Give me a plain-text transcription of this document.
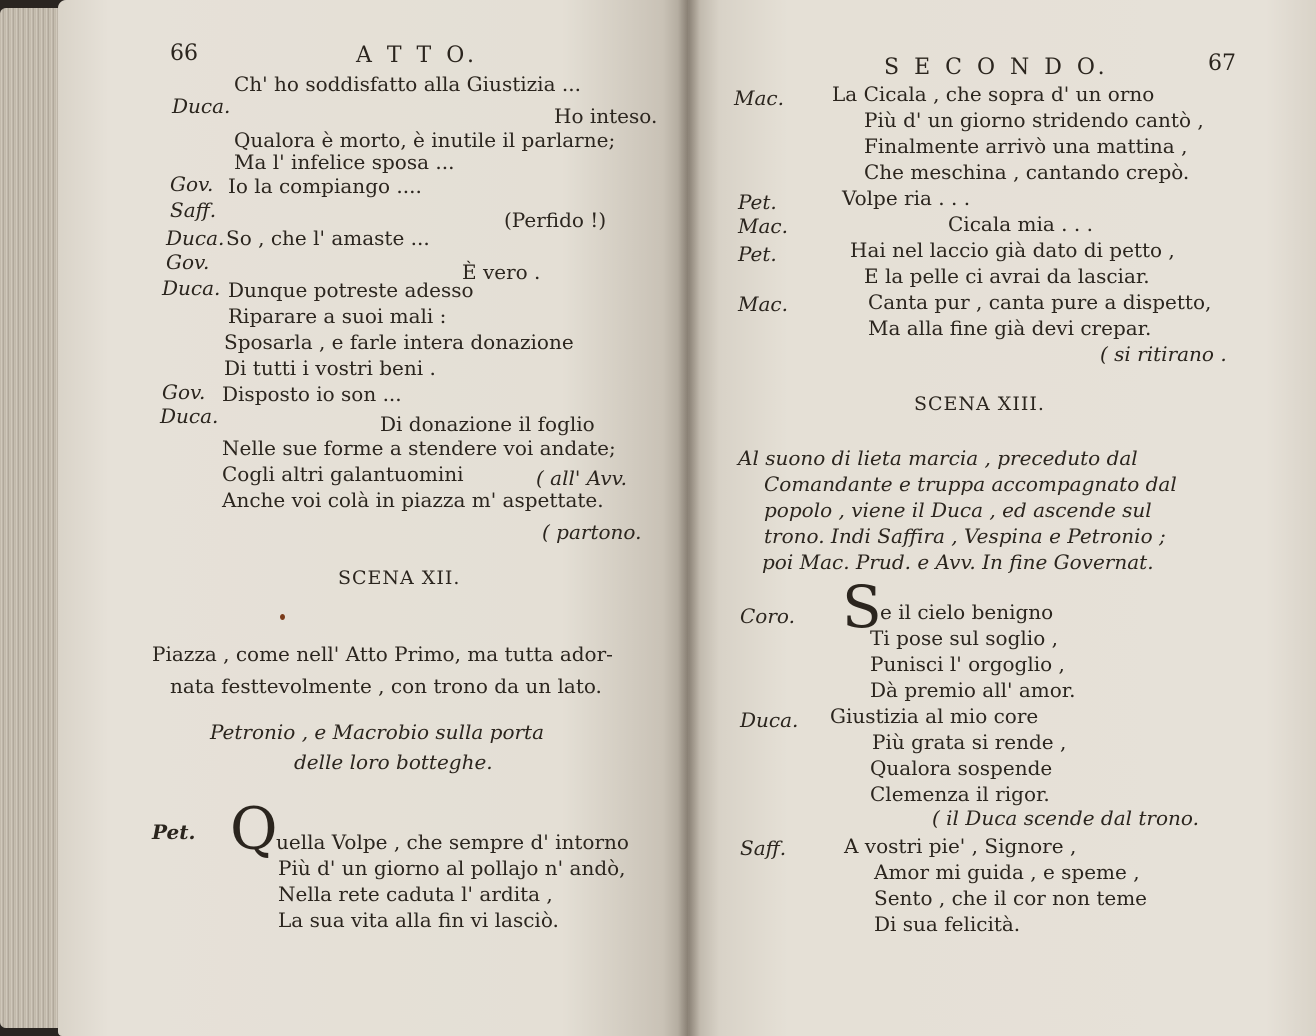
66	A T T O.
Ch' ho soddisfatto alla Giustizia ...
Duca.	Ho inteso.
Qualora è morto, è inutile il parlarne;
Ma l' infelice sposa ...
Gov. Io la compiango ....
Saff.	(Perfido !)
Duca. So , che l' amaste ...
Gov.	È vero .
Duca. Dunque potreste adesso
Riparare a suoi mali :
Sposarla , e farle intera donazione
Di tutti i vostri beni .
Gov. Disposto io son ...
Duca.	Di donazione il foglio
Nelle sue forme a stendere voi andate;
Cogli altri galantuomini	( all' Avv.
Anche voi colà in piazza m' aspettate.
( partono.
SCENA XII.
Piazza , come nell' Atto Primo, ma tutta ador-
nata festtevolmente , con trono da un lato.
Petronio , e Macrobio sulla porta
delle loro botteghe.
Pet. Q
uella Volpe , che sempre d' intorno
Più d' un giorno al pollajo n' andò,
Nella rete caduta l' ardita ,
La sua vita alla fin vi lasciò.
S E C O N D O.	67
Mac. La Cicala , che sopra d' un orno
Più d' un giorno stridendo cantò ,
Finalmente arrivò una mattina ,
Che meschina , cantando crepò.
Pet.	Volpe ria . . .
Mac.	Cicala mia . . .
Pet.	Hai nel laccio già dato di petto ,
E la pelle ci avrai da lasciar.
Mac.	Canta pur , canta pure a dispetto,
Ma alla fine già devi crepar.
( si ritirano .
SCENA XIII.
Al suono di lieta marcia , preceduto dal
Comandante e truppa accompagnato dal
popolo , viene il Duca , ed ascende sul
trono. Indi Saffira , Vespina e Petronio ;
poi Mac. Prud. e Avv. In fine Governat.
Coro. S
e il cielo benigno
Ti pose sul soglio ,
Punisci l' orgoglio ,
Dà premio all' amor.
Duca. Giustizia al mio core
Più grata si rende ,
Qualora sospende
Clemenza il rigor.
( il Duca scende dal trono.
Saff.	A vostri pie' , Signore ,
Amor mi guida , e speme ,
Sento , che il cor non teme
Di sua felicità.
